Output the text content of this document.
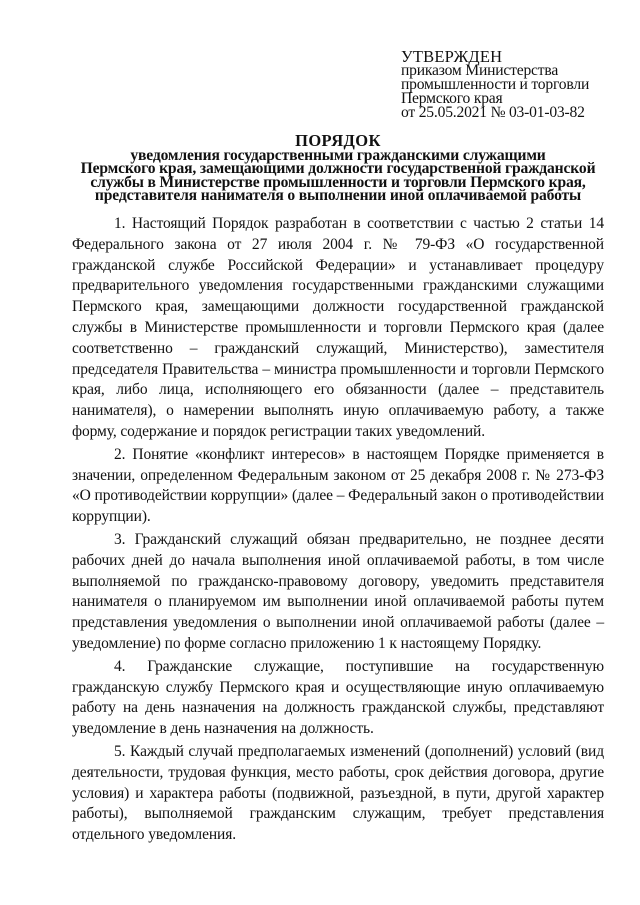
УТВЕРЖДЕН
приказом Министерства
промышленности и торговли
Пермского края
от 25.05.2021 № 03-01-03-82
ПОРЯДОК
уведомления государственными гражданскими служащими
Пермского края, замещающими должности государственной гражданской
службы в Министерстве промышленности и торговли Пермского края,
представителя нанимателя о выполнении иной оплачиваемой работы

1. Настоящий Порядок разработан в соответствии с частью 2 статьи 14 Федерального закона от 27 июля 2004 г. № 79-ФЗ «О государственной гражданской службе Российской Федерации» и устанавливает процедуру предварительного уведомления государственными гражданскими служащими Пермского края, замещающими должности государственной гражданской службы в Министерстве промышленности и торговли Пермского края (далее соответственно – гражданский служащий, Министерство), заместителя председателя Правительства – министра промышленности и торговли Пермского края, либо лица, исполняющего его обязанности (далее – представитель нанимателя), о намерении выполнять иную оплачиваемую работу, а также форму, содержание и порядок регистрации таких уведомлений.

2. Понятие «конфликт интересов» в настоящем Порядке применяется в значении, определенном Федеральным законом от 25 декабря 2008 г. № 273-ФЗ «О противодействии коррупции» (далее – Федеральный закон о противодействии коррупции).

3. Гражданский служащий обязан предварительно, не позднее десяти рабочих дней до начала выполнения иной оплачиваемой работы, в том числе выполняемой по гражданско-правовому договору, уведомить представителя нанимателя о планируемом им выполнении иной оплачиваемой работы путем представления уведомления о выполнении иной оплачиваемой работы (далее – уведомление) по форме согласно приложению 1 к настоящему Порядку.

4. Гражданские служащие, поступившие на государственную гражданскую службу Пермского края и осуществляющие иную оплачиваемую работу на день назначения на должность гражданской службы, представляют уведомление в день назначения на должность.

5. Каждый случай предполагаемых изменений (дополнений) условий (вид деятельности, трудовая функция, место работы, срок действия договора, другие условия) и характера работы (подвижной, разъездной, в пути, другой характер работы), выполняемой гражданским служащим, требует представления отдельного уведомления.
